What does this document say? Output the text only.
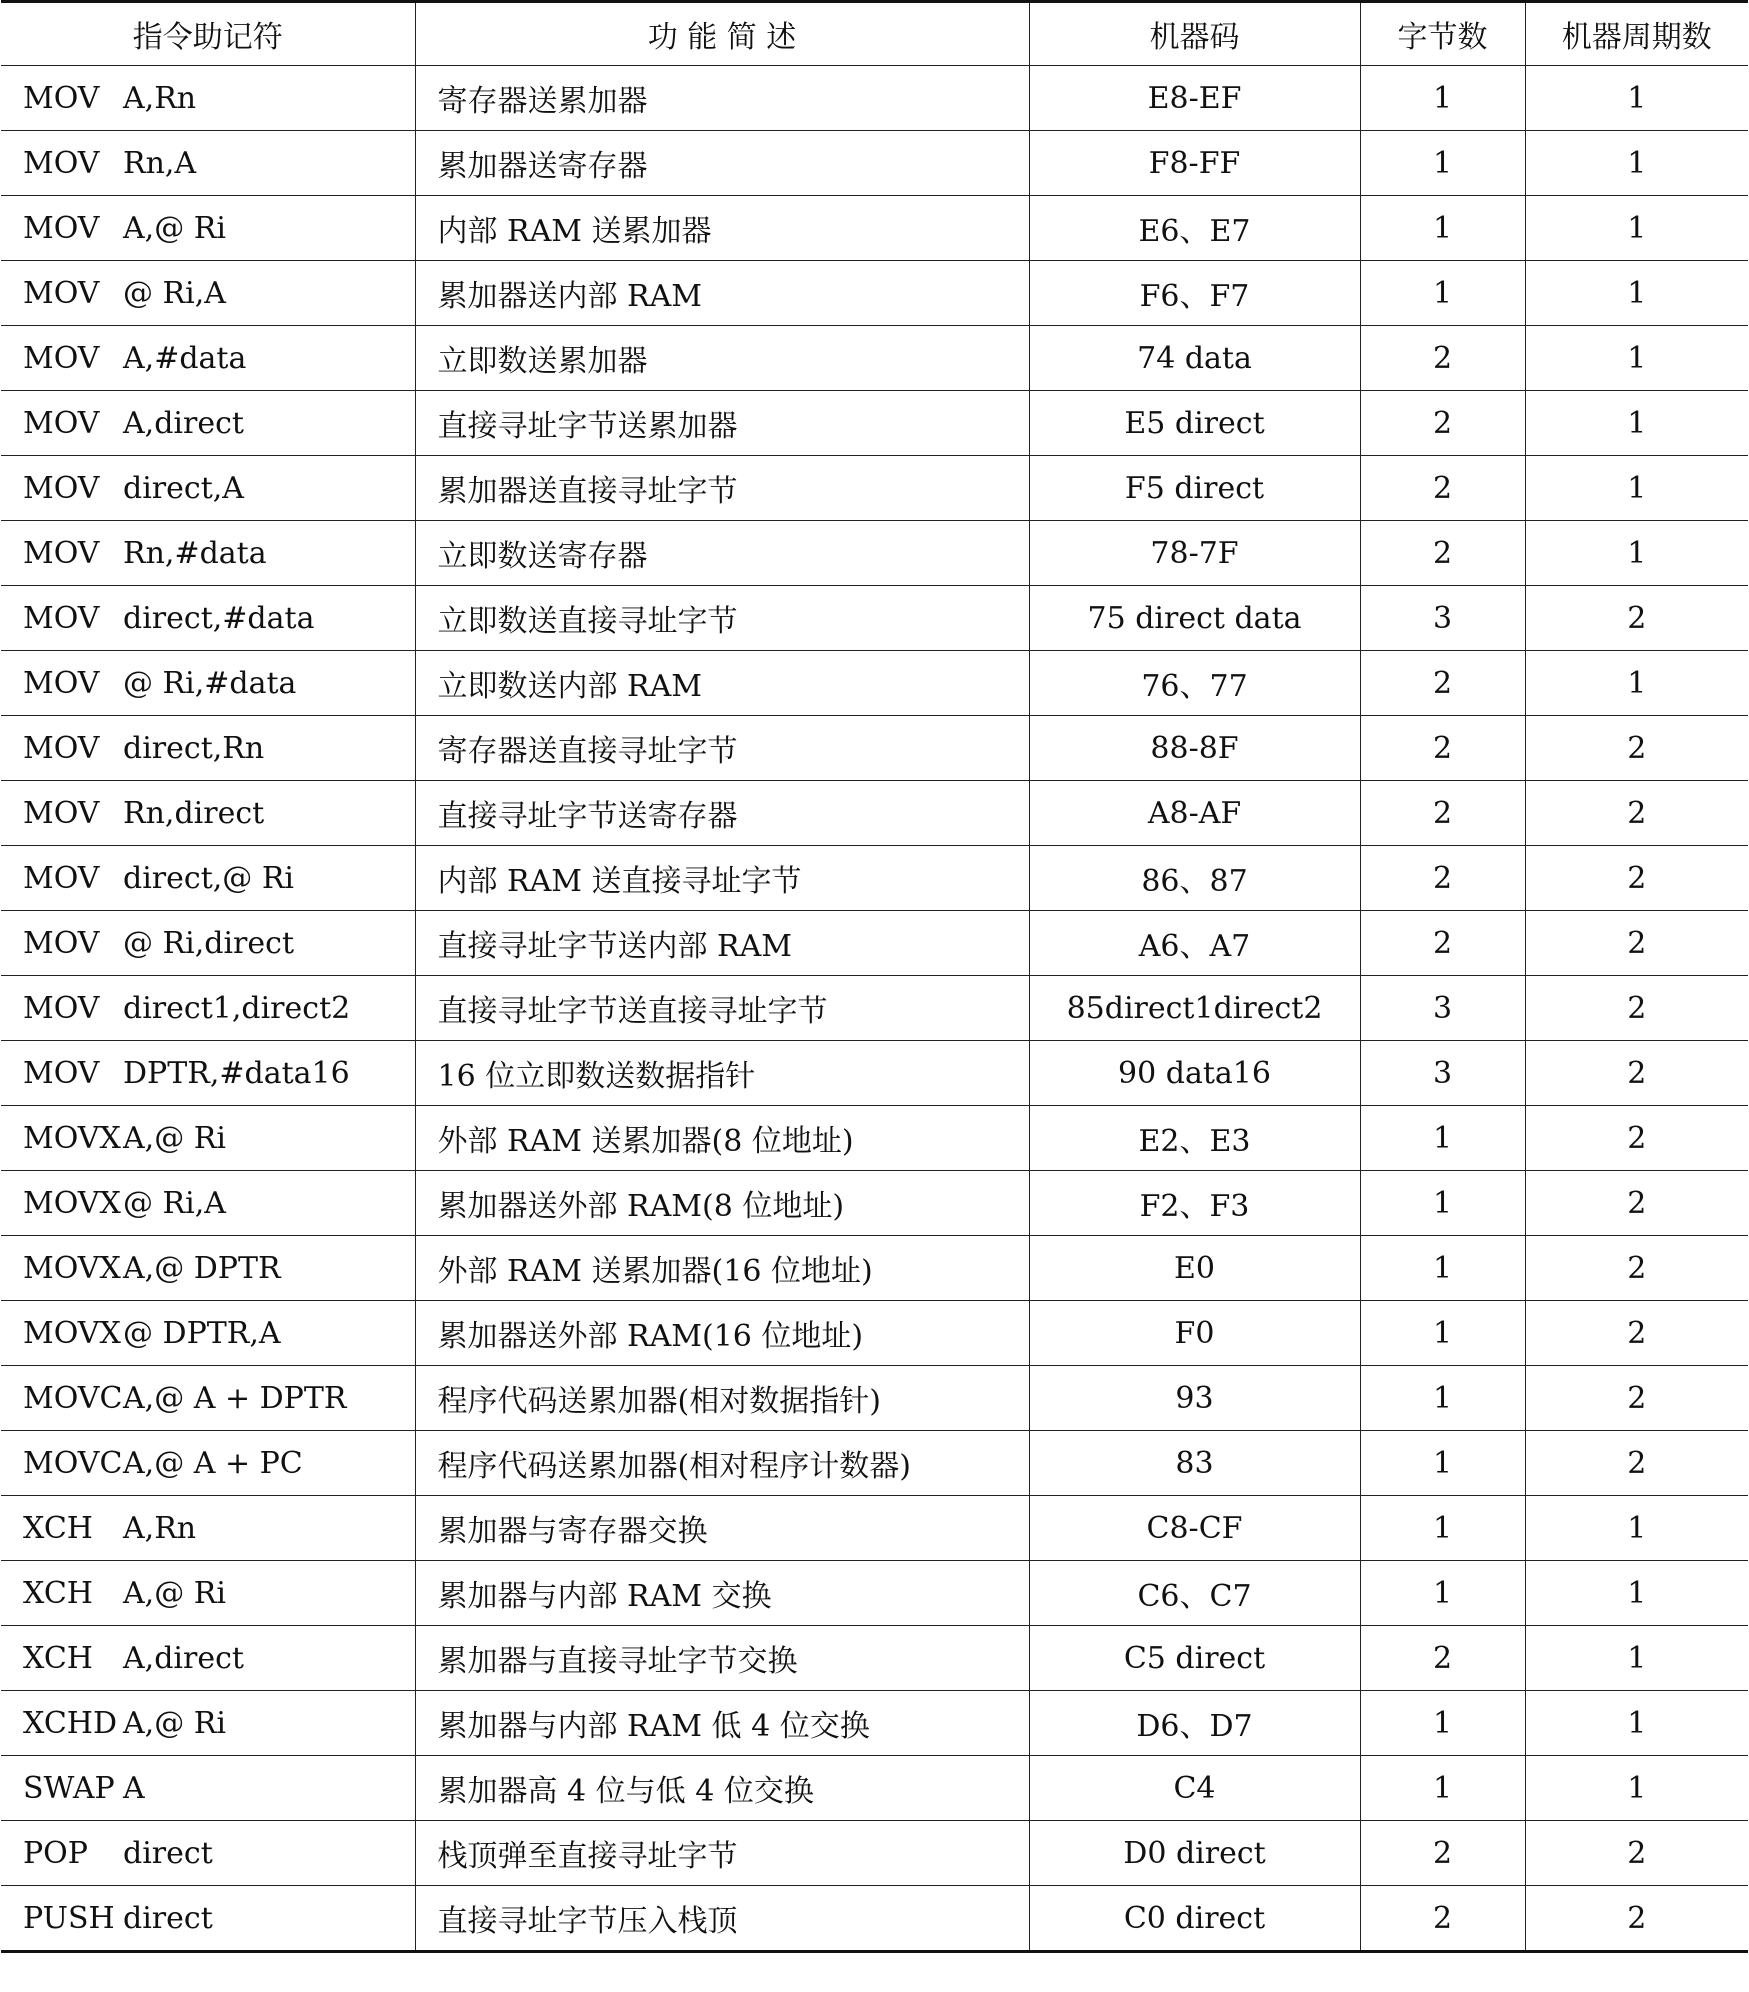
指令助记符	功 能 简 述	机器码	字节数	机器周期数
MOV A,Rn	寄存器送累加器	E8-EF	1	1
MOV Rn,A	累加器送寄存器	F8-FF	1	1
MOV A,@ Ri	内部 RAM 送累加器	E6、E7	1	1
MOV @ Ri,A	累加器送内部 RAM	F6、F7	1	1
MOV A,#data	立即数送累加器	74 data	2	1
MOV A,direct	直接寻址字节送累加器	E5 direct	2	1
MOV direct,A	累加器送直接寻址字节	F5 direct	2	1
MOV Rn,#data	立即数送寄存器	78-7F	2	1
MOV direct,#data	立即数送直接寻址字节	75 direct data	3	2
MOV @ Ri,#data	立即数送内部 RAM	76、77	2	1
MOV direct,Rn	寄存器送直接寻址字节	88-8F	2	2
MOV Rn,direct	直接寻址字节送寄存器	A8-AF	2	2
MOV direct,@ Ri	内部 RAM 送直接寻址字节	86、87	2	2
MOV @ Ri,direct	直接寻址字节送内部 RAM	A6、A7	2	2
MOV direct1,direct2	直接寻址字节送直接寻址字节	85direct1direct2	3	2
MOV DPTR,#data16	16 位立即数送数据指针	90 data16	3	2
MOVXA,@ Ri	外部 RAM 送累加器(8 位地址)	E2、E3	1	2
MOVX@ Ri,A	累加器送外部 RAM(8 位地址)	F2、F3	1	2
MOVXA,@ DPTR	外部 RAM 送累加器(16 位地址)	E0	1	2
MOVX@ DPTR,A	累加器送外部 RAM(16 位地址)	F0	1	2
MOVCA,@ A + DPTR	程序代码送累加器(相对数据指针)	93	1	2
MOVCA,@ A + PC	程序代码送累加器(相对程序计数器)	83	1	2
XCH A,Rn	累加器与寄存器交换	C8-CF	1	1
XCH A,@ Ri	累加器与内部 RAM 交换	C6、C7	1	1
XCH A,direct	累加器与直接寻址字节交换	C5 direct	2	1
XCHD A,@ Ri	累加器与内部 RAM 低 4 位交换	D6、D7	1	1
SWAP A	累加器高 4 位与低 4 位交换	C4	1	1
POP direct	栈顶弹至直接寻址字节	D0 direct	2	2
PUSH direct	直接寻址字节压入栈顶	C0 direct	2	2
